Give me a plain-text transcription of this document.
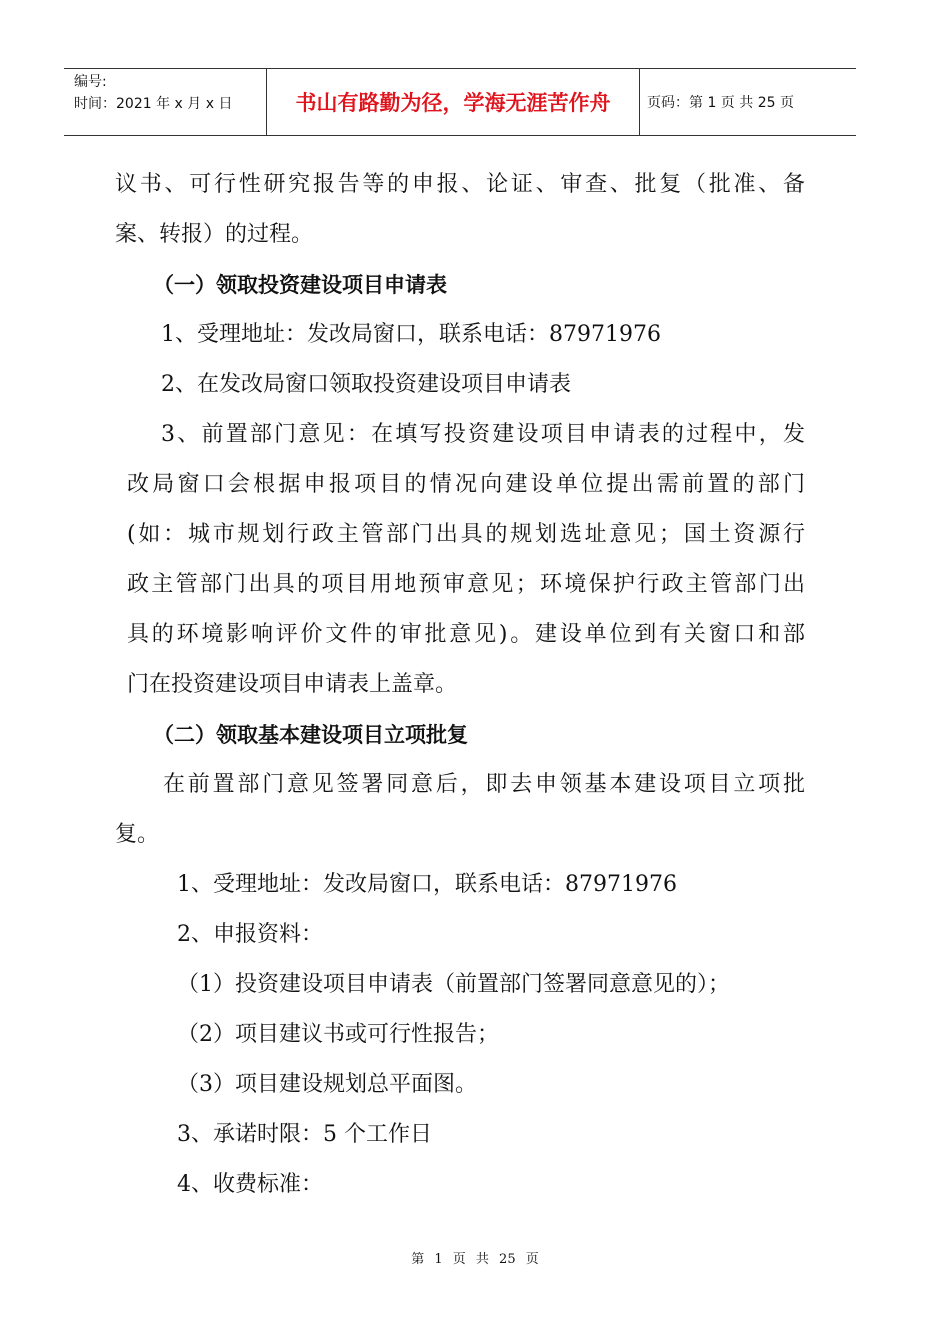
编号:
时间：2021 年 x 月 x 日	书山有路勤为径，学海无涯苦作舟	页码：第 1 页 共 25 页
议书、可行性研究报告等的申报、论证、审查、批复（批准、备
案、转报）的过程。
（一）领取投资建设项目申请表
1、受理地址：发改局窗口，联系电话：87971976
2、在发改局窗口领取投资建设项目申请表
3、前置部门意见：在填写投资建设项目申请表的过程中，发
改局窗口会根据申报项目的情况向建设单位提出需前置的部门
(如：城市规划行政主管部门出具的规划选址意见；国土资源行
政主管部门出具的项目用地预审意见；环境保护行政主管部门出
具的环境影响评价文件的审批意见)。建设单位到有关窗口和部
门在投资建设项目申请表上盖章。
（二）领取基本建设项目立项批复
在前置部门意见签署同意后，即去申领基本建设项目立项批
复。
1、受理地址：发改局窗口，联系电话：87971976
2、申报资料：
（1）投资建设项目申请表（前置部门签署同意意见的）；
（2）项目建议书或可行性报告；
（3）项目建设规划总平面图。
3、承诺时限：5 个工作日
4、收费标准：
第 1 页 共 25 页
